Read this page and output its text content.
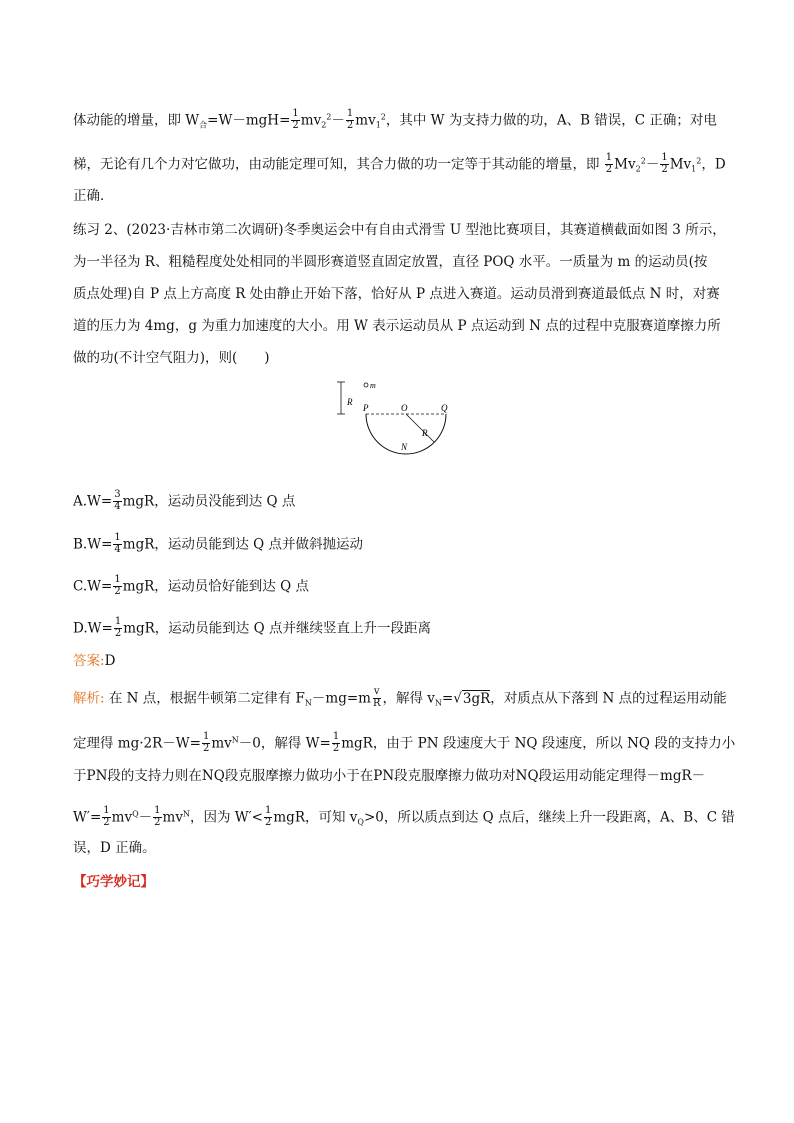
体动能的增量，即 $W_合=W-mgH= \frac{1}{2} mv_2^2- \frac{1}{2} mv_1^2$，其中 W 为支持力做的功，A、B 错误，C 正确；对电
梯，无论有几个力对它做功，由动能定理可知，其合力做的功一定等于其动能的增量，即 $\frac{1}{2} Mv_2^2- \frac{1}{2} Mv_1^2$，D
正确．
练习 2、(2023·吉林市第二次调研)冬季奥运会中有自由式滑雪 U 型池比赛项目，其赛道横截面如图 3 所示，
为一半径为 R、粗糙程度处处相同的半圆形赛道竖直固定放置，直径 POQ 水平。一质量为 m 的运动员(按
质点处理)自 P 点上方高度 R 处由静止开始下落，恰好从 P 点进入赛道。运动员滑到赛道最低点 N 时，对赛
道的压力为 4mg，g 为重力加速度的大小。用 W 表示运动员从 P 点运动到 N 点的过程中克服赛道摩擦力所
做的功(不计空气阻力)，则(　　)
R
m
P	O	Q
R
N
$A.W= \frac{3}{4}$ mgR，运动员没能到达 Q 点
$B.W= \frac{1}{4}$ mgR，运动员能到达 Q 点并做斜抛运动
$C.W= \frac{1}{2}$ mgR，运动员恰好能到达 Q 点
$D.W= \frac{1}{2}$ mgR，运动员能到达 Q 点并继续竖直上升一段距离
答案:D
解析: 在 N 点，根据牛顿第二定律有 $F_N-mg=m \frac{v}{R}$ ，解得 $v_N=√3gR$，对质点从下落到 N 点的过程运用动能
定理得 $mg\cdot 2R-W= \frac{1}{2} mv^N-0$，解得 $W= \frac{1}{2}$ mgR，由于 PN 段速度大于 NQ 段速度，所以 NQ 段的支持力小
于PN段的支持力则在NQ段克服摩擦力做功小于在PN段克服摩擦力做功对NQ段运用动能定理得－mgR－
$W'= \frac{1}{2} mv^Q- \frac{1}{2} mv^N$，因为 $W'< \frac{1}{2}$ mgR，可知 $v_Q>0$，所以质点到达 Q 点后，继续上升一段距离，A、B、C 错
误，D 正确。
【巧学妙记】
